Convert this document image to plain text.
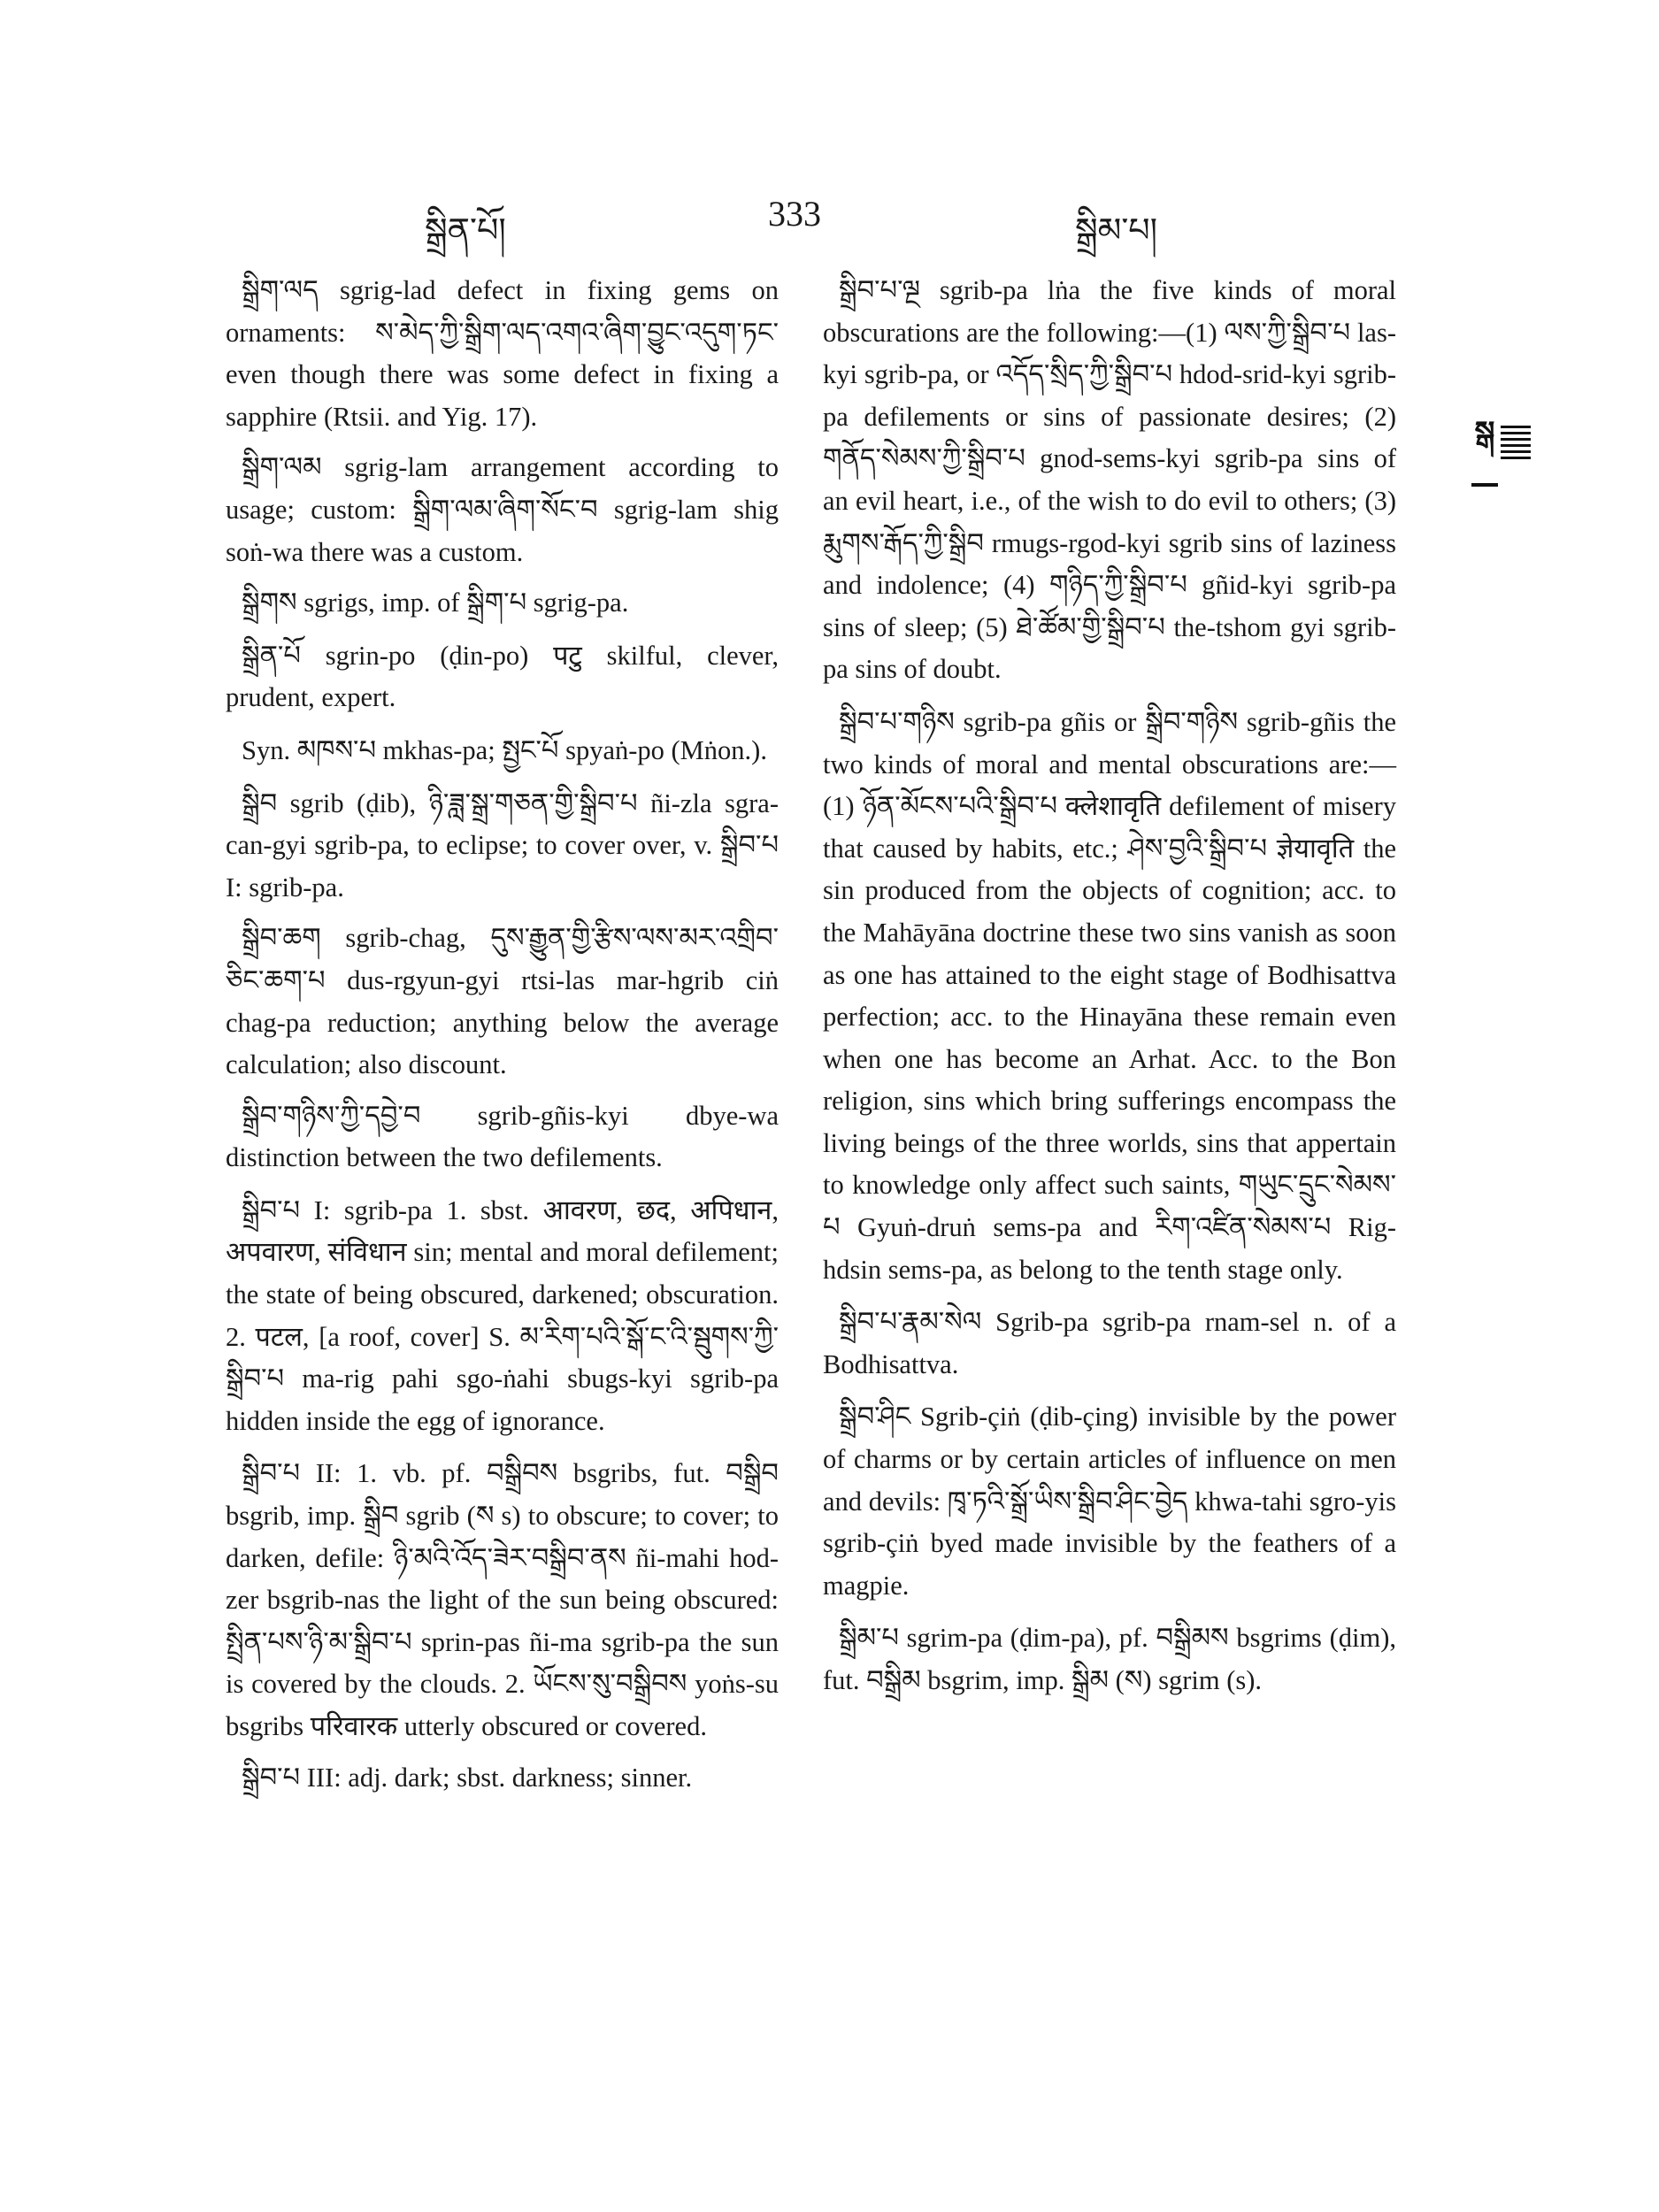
སྒྲིན་པོ།	333	སྒྲིམ་པ།

སྒྲིག་ལད sgrig-lad defect in fixing gems on ornaments: ས་མེད་ཀྱི་སྒྲིག་ལད་འགའ་ཞིག་བྱུང་འདུག་ཏང་ even though there was some defect in fixing a sapphire (Rtsii. and Yig. 17).

སྒྲིག་ལམ sgrig-lam arrangement according to usage; custom: སྒྲིག་ལམ་ཞིག་སོང་བ sgrig-lam shig soṅ-wa there was a custom.

སྒྲིགས sgrigs, imp. of སྒྲིག་པ sgrig-pa.

སྒྲིན་པོ sgrin-po (ḍin-po) पटु skilful, clever, prudent, expert.

Syn. མཁས་པ mkhas-pa; སྤྱང་པོ spyaṅ-po (Mṅon.).

སྒྲིབ sgrib (ḍib), ཉི་ཟླ་སྒྲ་གཅན་གྱི་སྒྲིབ་པ ñi-zla sgra-can-gyi sgrib-pa, to eclipse; to cover over, v. སྒྲིབ་པ I: sgrib-pa.

སྒྲིབ་ཆག sgrib-chag, དུས་རྒྱུན་གྱི་རྩིས་ལས་མར་འགྲིབ་ཅིང་ཆག་པ dus-rgyun-gyi rtsi-las mar-hgrib ciṅ chag-pa reduction; anything below the average calculation; also discount.

སྒྲིབ་གཉིས་ཀྱི་དབྱེ་བ sgrib-gñis-kyi dbye-wa distinction between the two defilements.

སྒྲིབ་པ I: sgrib-pa 1. sbst. आवरण, छद, अपिधान, अपवारण, संविधान sin; mental and moral defilement; the state of being obscured, darkened; obscuration. 2. पटल, [a roof, cover] S. མ་རིག་པའི་སྒོ་ང་འི་སྦུགས་ཀྱི་སྒྲིབ་པ ma-rig pahi sgo-ṅahi sbugs-kyi sgrib-pa hidden inside the egg of ignorance.

སྒྲིབ་པ II: 1. vb. pf. བསྒྲིབས bsgribs, fut. བསྒྲིབ bsgrib, imp. སྒྲིབ sgrib (ས s) to obscure; to cover; to darken, defile: ཉི་མའི་འོད་ཟེར་བསྒྲིབ་ནས ñi-mahi hod-zer bsgrib-nas the light of the sun being obscured: སྤྲིན་པས་ཉི་མ་སྒྲིབ་པ sprin-pas ñi-ma sgrib-pa the sun is covered by the clouds. 2. ཡོངས་སུ་བསྒྲིབས yoṅs-su bsgribs परिवारक utterly obscured or covered.

སྒྲིབ་པ III: adj. dark; sbst. darkness; sinner.

སྒྲིབ་པ་ལྔ sgrib-pa lṅa the five kinds of moral obscurations are the following:—(1) ལས་ཀྱི་སྒྲིབ་པ las-kyi sgrib-pa, or འདོད་སྲིད་ཀྱི་སྒྲིབ་པ hdod-srid-kyi sgrib-pa defilements or sins of passionate desires; (2) གནོད་སེམས་ཀྱི་སྒྲིབ་པ gnod-sems-kyi sgrib-pa sins of an evil heart, i.e., of the wish to do evil to others; (3) རྨུགས་རྒོད་ཀྱི་སྒྲིབ rmugs-rgod-kyi sgrib sins of laziness and indolence; (4) གཉིད་ཀྱི་སྒྲིབ་པ gñid-kyi sgrib-pa sins of sleep; (5) ཐེ་ཚོམ་གྱི་སྒྲིབ་པ the-tshom gyi sgrib-pa sins of doubt.

སྒྲིབ་པ་གཉིས sgrib-pa gñis or སྒྲིབ་གཉིས sgrib-gñis the two kinds of moral and mental obscurations are:—(1) ཉོན་མོངས་པའི་སྒྲིབ་པ क्लेशावृति defilement of misery that caused by habits, etc.; ཤེས་བྱའི་སྒྲིབ་པ ज्ञेयावृति the sin produced from the objects of cognition; acc. to the Mahāyāna doctrine these two sins vanish as soon as one has attained to the eight stage of Bodhisattva perfection; acc. to the Hinayāna these remain even when one has become an Arhat. Acc. to the Bon religion, sins which bring sufferings encompass the living beings of the three worlds, sins that appertain to knowledge only affect such saints, གཡུང་དྲུང་སེམས་པ Gyuṅ-druṅ sems-pa and རིག་འཛིན་སེམས་པ Rig-hdsin sems-pa, as belong to the tenth stage only.

སྒྲིབ་པ་རྣམ་སེལ Sgrib-pa sgrib-pa rnam-sel n. of a Bodhisattva.

སྒྲིབ་ཤིང Sgrib-çiṅ (ḍib-çing) invisible by the power of charms or by certain articles of influence on men and devils: ཁྭ་ཏའི་སྒྲོ་ཡིས་སྒྲིབ་ཤིང་བྱེད khwa-tahi sgro-yis sgrib-çiṅ byed made invisible by the feathers of a magpie.

སྒྲིམ་པ sgrim-pa (ḍim-pa), pf. བསྒྲིམས bsgrims (ḍim), fut. བསྒྲིམ bsgrim, imp. སྒྲིམ (ས) sgrim (s).

སྒ
